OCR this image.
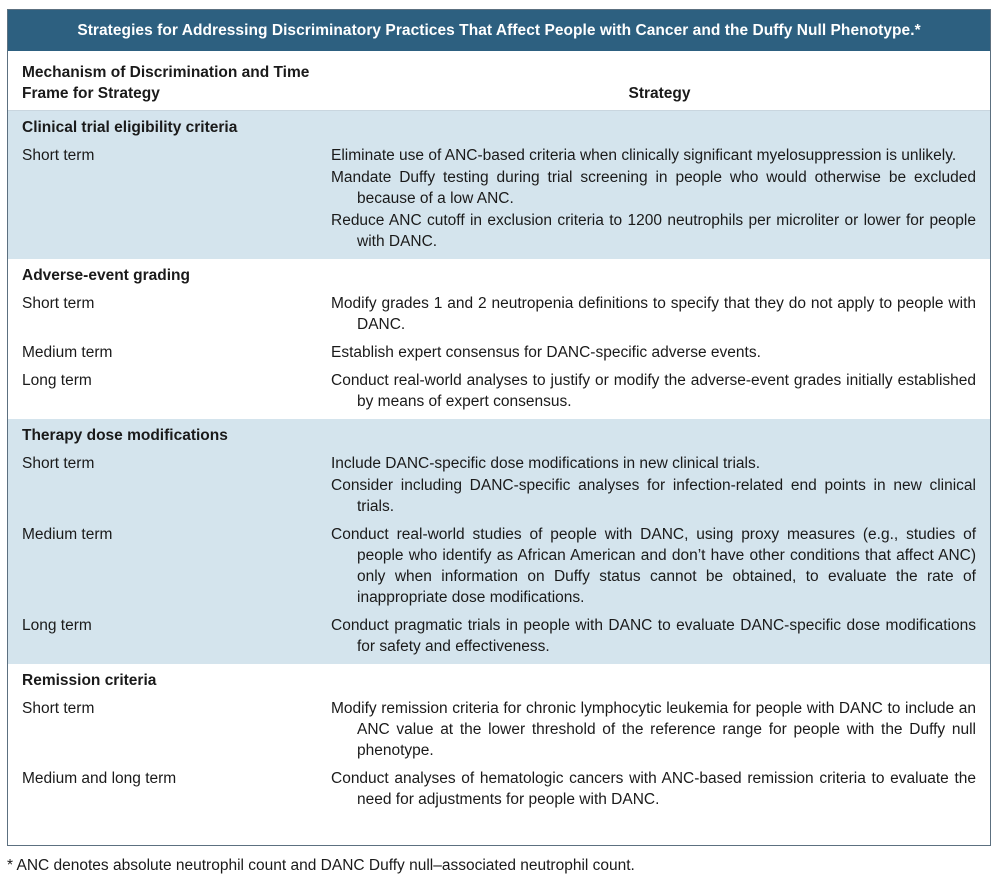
Strategies for Addressing Discriminatory Practices That Affect People with Cancer and the Duffy Null Phenotype.*
Mechanism of Discrimination and Time Frame for Strategy	Strategy
Clinical trial eligibility criteria
Short term	Eliminate use of ANC-based criteria when clinically significant myelosuppression is unlikely.
Mandate Duffy testing during trial screening in people who would otherwise be excluded because of a low ANC.
Reduce ANC cutoff in exclusion criteria to 1200 neutrophils per microliter or lower for people with DANC.
Adverse-event grading
Short term	Modify grades 1 and 2 neutropenia definitions to specify that they do not apply to people with DANC.
Medium term	Establish expert consensus for DANC-specific adverse events.
Long term	Conduct real-world analyses to justify or modify the adverse-event grades initially established by means of expert consensus.
Therapy dose modifications
Short term	Include DANC-specific dose modifications in new clinical trials.
Consider including DANC-specific analyses for infection-related end points in new clinical trials.
Medium term	Conduct real-world studies of people with DANC, using proxy measures (e.g., studies of people who identify as African American and don’t have other conditions that affect ANC) only when information on Duffy status cannot be obtained, to evaluate the rate of inappropriate dose modifications.
Long term	Conduct pragmatic trials in people with DANC to evaluate DANC-specific dose modifications for safety and effectiveness.
Remission criteria
Short term	Modify remission criteria for chronic lymphocytic leukemia for people with DANC to include an ANC value at the lower threshold of the reference range for people with the Duffy null phenotype.
Medium and long term	Conduct analyses of hematologic cancers with ANC-based remission criteria to evaluate the need for adjustments for people with DANC.
* ANC denotes absolute neutrophil count and DANC Duffy null–associated neutrophil count.
